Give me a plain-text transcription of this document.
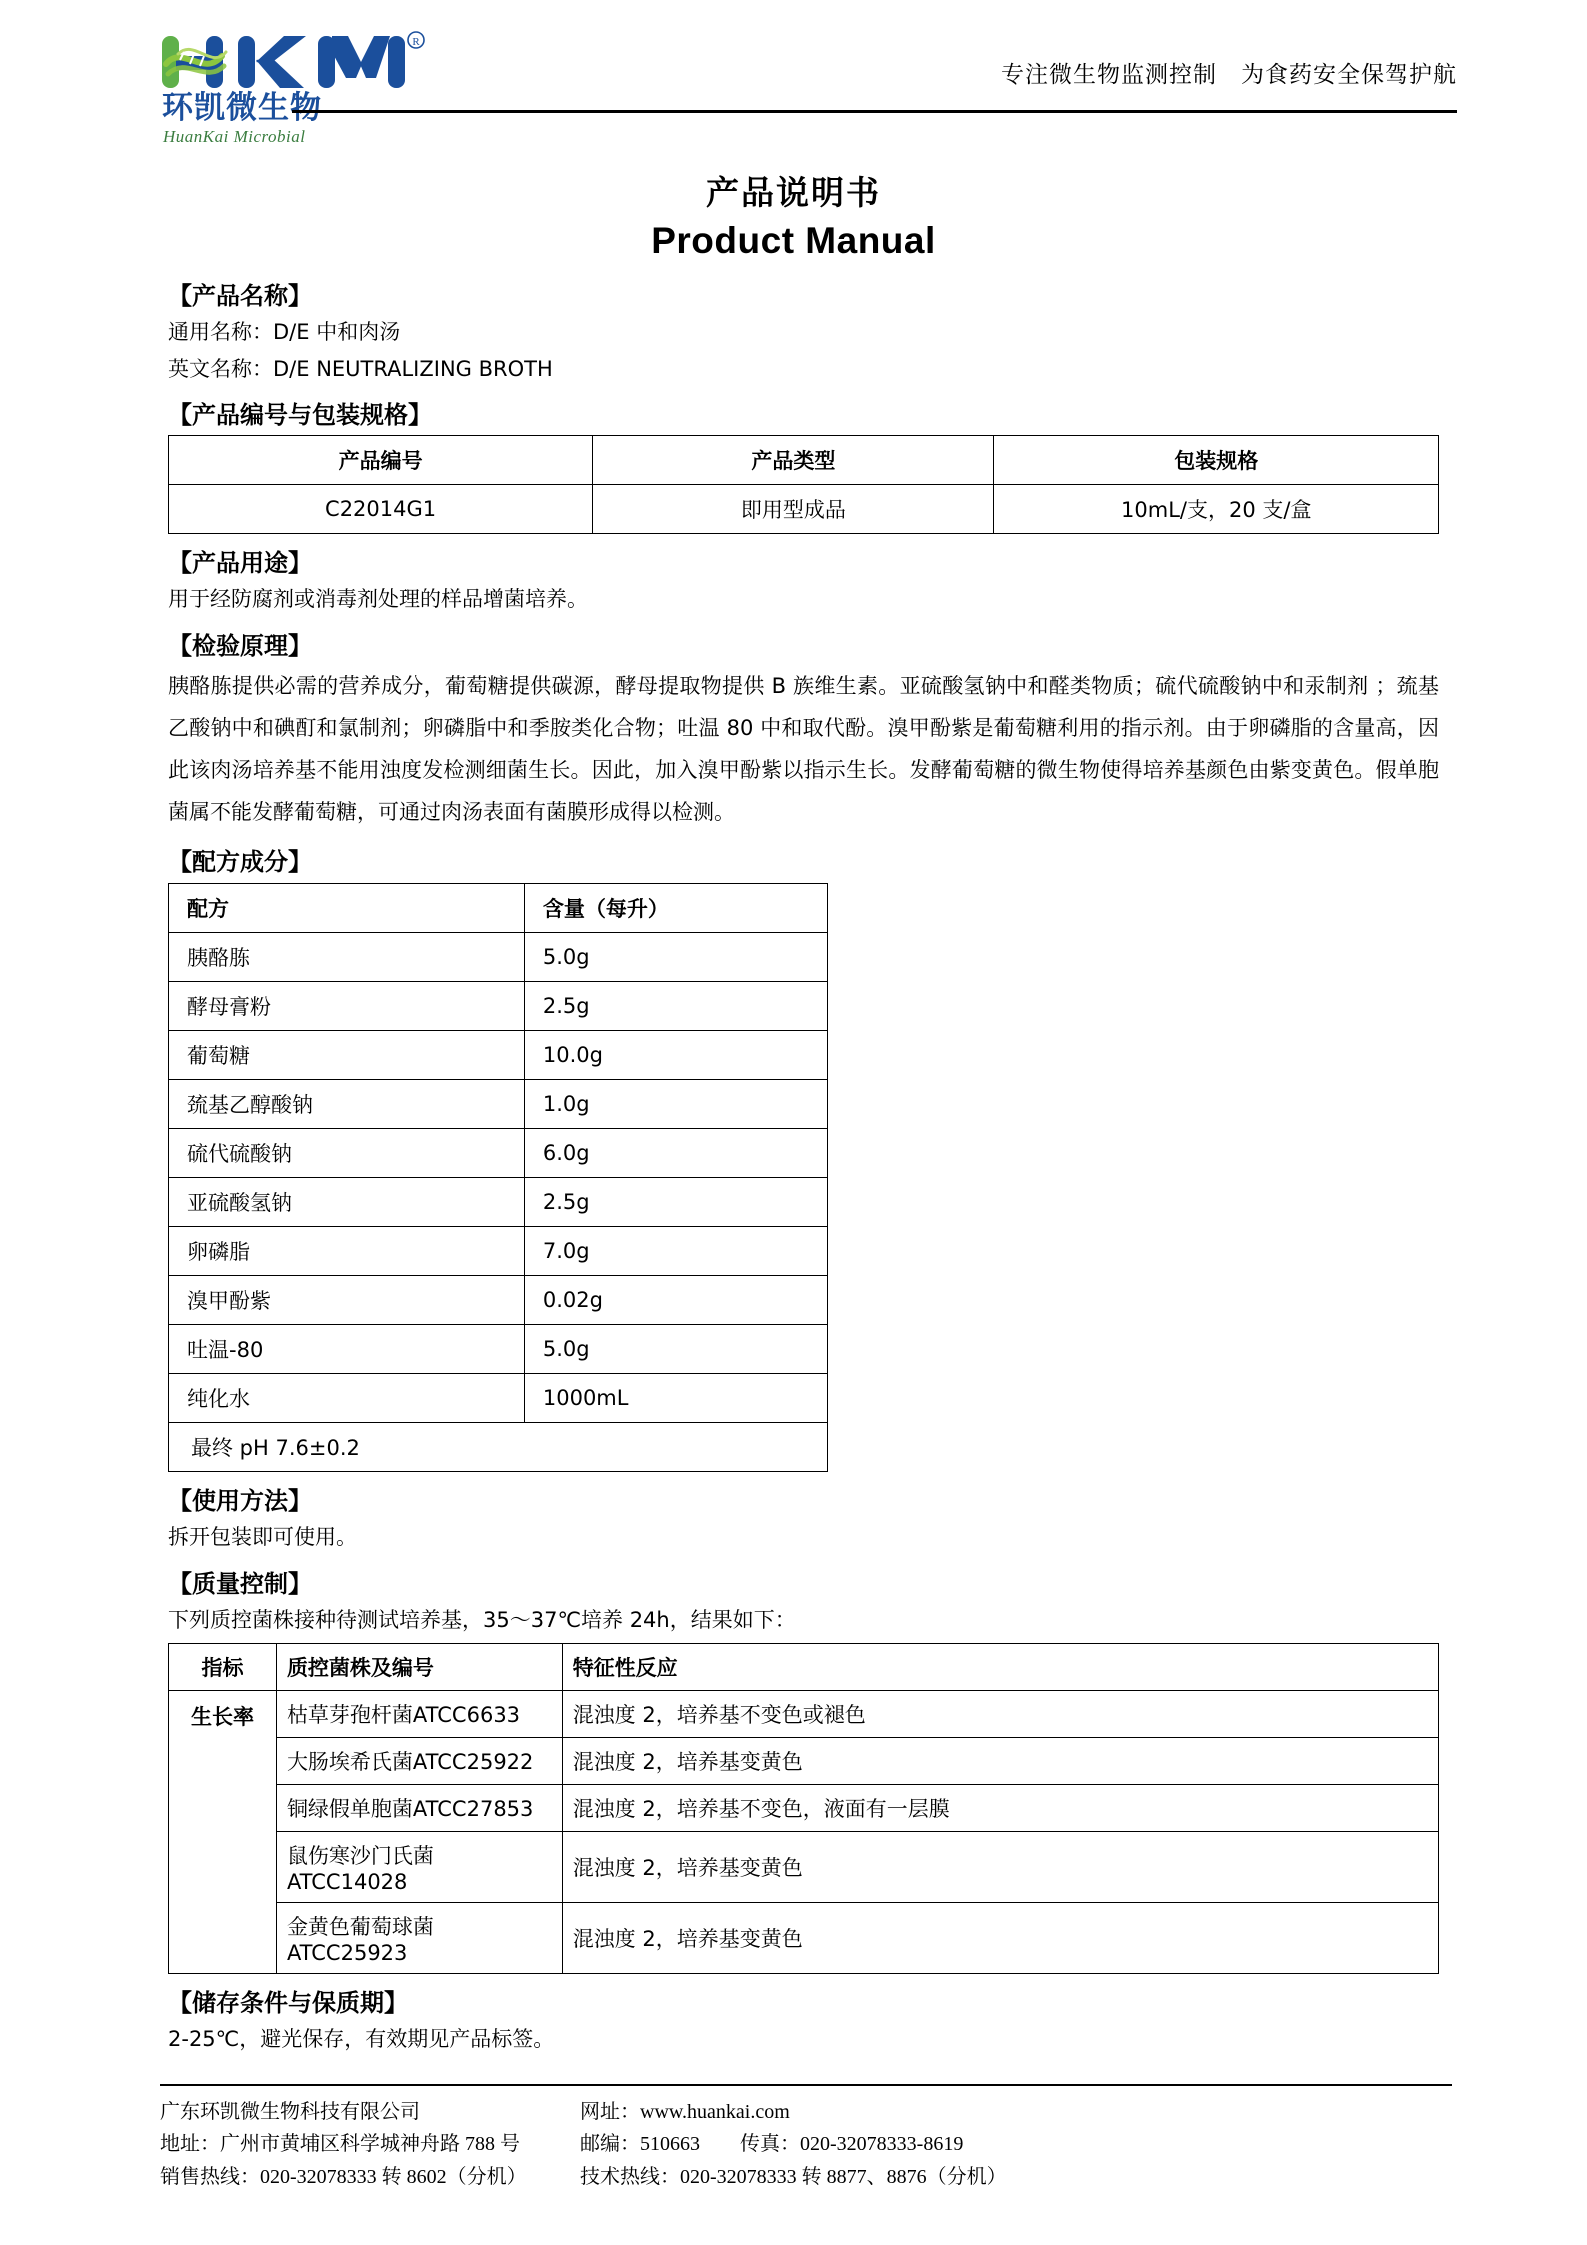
R
环凯微生物
HuanKai Microbial
专注微生物监测控制　为食药安全保驾护航
产品说明书
Product Manual
【产品名称】
通用名称：D/E 中和肉汤
英文名称：D/E NEUTRALIZING BROTH
【产品编号与包装规格】
产品编号	产品类型	包装规格
C22014G1	即用型成品	10mL/支，20 支/盒
【产品用途】
用于经防腐剂或消毒剂处理的样品增菌培养。
【检验原理】
胰酪胨提供必需的营养成分，葡萄糖提供碳源，酵母提取物提供 B 族维生素。亚硫酸氢钠中和醛类物质；硫代硫酸钠中和汞制剂 ；巯基乙酸钠中和碘酊和氯制剂；卵磷脂中和季胺类化合物；吐温 80 中和取代酚。溴甲酚紫是葡萄糖利用的指示剂。由于卵磷脂的含量高，因此该肉汤培养基不能用浊度发检测细菌生长。因此，加入溴甲酚紫以指示生长。发酵葡萄糖的微生物使得培养基颜色由紫变黄色。假单胞菌属不能发酵葡萄糖，可通过肉汤表面有菌膜形成得以检测。
【配方成分】
配方	含量（每升）
胰酪胨	5.0g
酵母膏粉	2.5g
葡萄糖	10.0g
巯基乙醇酸钠	1.0g
硫代硫酸钠	6.0g
亚硫酸氢钠	2.5g
卵磷脂	7.0g
溴甲酚紫	0.02g
吐温-80	5.0g
纯化水	1000mL
最终 pH 7.6±0.2	
【使用方法】
拆开包装即可使用。
【质量控制】
下列质控菌株接种待测试培养基，35～37℃培养 24h，结果如下：
指标	质控菌株及编号	特征性反应
生长率	枯草芽孢杆菌ATCC6633	混浊度 2，培养基不变色或褪色
	大肠埃希氏菌ATCC25922	混浊度 2，培养基变黄色
	铜绿假单胞菌ATCC27853	混浊度 2，培养基不变色，液面有一层膜
	鼠伤寒沙门氏菌ATCC14028	混浊度 2，培养基变黄色
	金黄色葡萄球菌ATCC25923	混浊度 2，培养基变黄色
【储存条件与保质期】
2-25℃，避光保存，有效期见产品标签。
广东环凯微生物科技有限公司
地址：广州市黄埔区科学城神舟路 788 号
销售热线：020-32078333 转 8602（分机）
网址：www.huankai.com
邮编：510663　　传真：020-32078333-8619
技术热线：020-32078333 转 8877、8876（分机）
